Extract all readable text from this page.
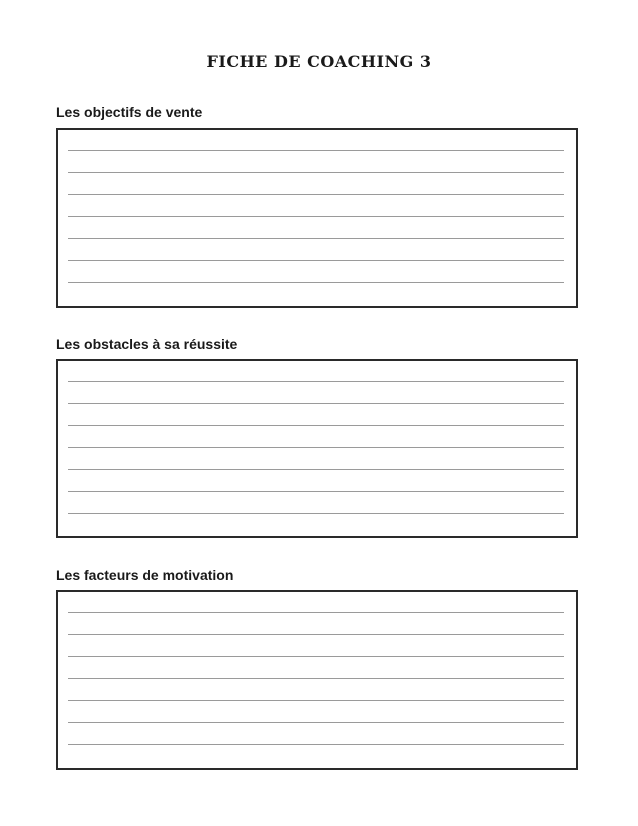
FICHE DE COACHING 3
Les objectifs de vente
Les obstacles à sa réussite
Les facteurs de motivation
